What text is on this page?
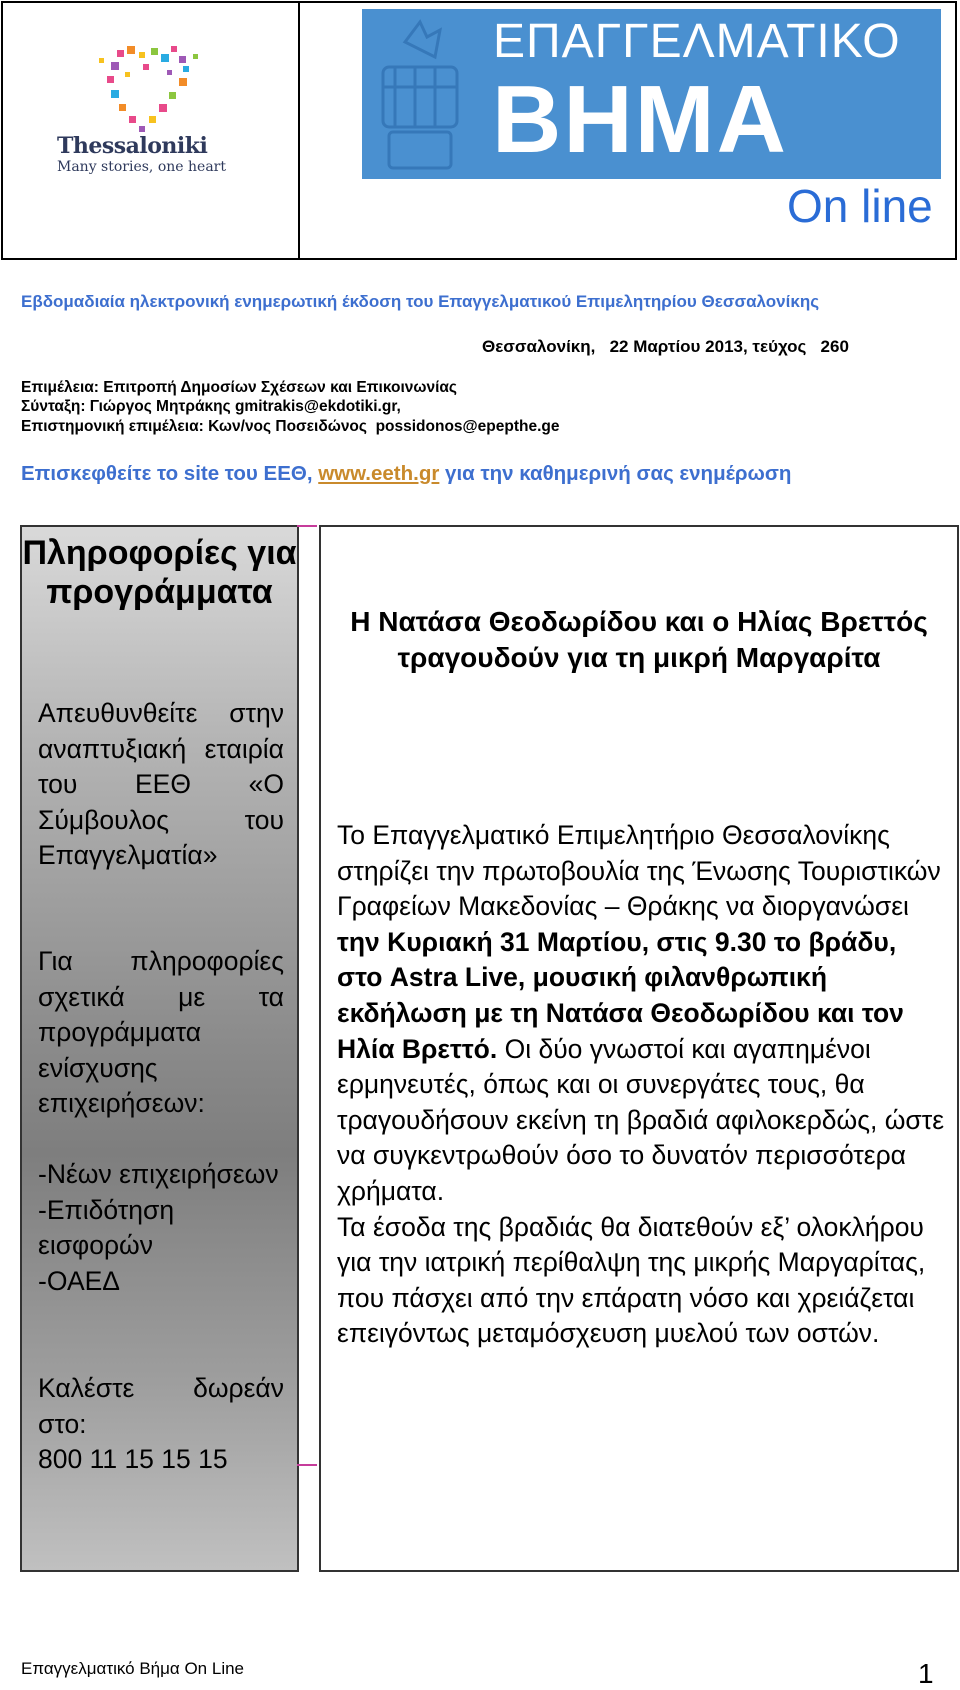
Thessaloniki
Many stories, one heart
ΕΠΑΓΓΕΛΜΑΤΙΚΟ
ΒΗΜΑ
On line
Εβδομαδιαία ηλεκτρονική ενημερωτική έκδοση του Επαγγελματικού Επιμελητηρίου Θεσσαλονίκης
Θεσσαλονίκη,   22 Μαρτίου 2013, τεύχος   260
Επιμέλεια: Επιτροπή Δημοσίων Σχέσεων και Επικοινωνίας
Σύνταξη: Γιώργος Μητράκης gmitrakis@ekdotiki.gr,
Επιστημονική επιμέλεια: Κων/νος Ποσειδώνος  possidonos@epepthe.ge
Επισκεφθείτε το site του ΕΕΘ, www.eeth.gr για την καθημερινή σας ενημέρωση
Πληροφορίες για προγράμματα
Απευθυνθείτε στην αναπτυξιακή εταιρία του ΕΕΘ «Ο Σύμβουλος του Επαγγελματία»
Για πληροφορίες σχετικά με τα προγράμματα ενίσχυσης επιχειρήσεων:
-Νέων επιχειρήσεων
-Επιδότηση εισφορών
-ΟΑΕΔ
Καλέστε δωρεάν στο:
800 11 15 15 15
Η Νατάσα Θεοδωρίδου και ο Ηλίας Βρεττός τραγουδούν για τη μικρή Μαργαρίτα
Το Επαγγελματικό Επιμελητήριο Θεσσαλονίκης στηρίζει την πρωτοβουλία της Ένωσης Τουριστικών Γραφείων Μακεδονίας – Θράκης να διοργανώσει την Κυριακή 31 Μαρτίου, στις 9.30 το βράδυ, στο Astra Live, μουσική φιλανθρωπική εκδήλωση με τη Νατάσα Θεοδωρίδου και τον Ηλία Βρεττό. Οι δύο γνωστοί και αγαπημένοι ερμηνευτές, όπως και οι συνεργάτες τους, θα τραγουδήσουν εκείνη τη βραδιά αφιλοκερδώς, ώστε να συγκεντρωθούν όσο το δυνατόν περισσότερα χρήματα.
Τα έσοδα της βραδιάς θα διατεθούν εξ’ ολοκλήρου για την ιατρική περίθαλψη της μικρής Μαργαρίτας, που πάσχει από την επάρατη νόσο και χρειάζεται επειγόντως μεταμόσχευση μυελού των οστών.
Επαγγελματικό Βήμα On Line	1
